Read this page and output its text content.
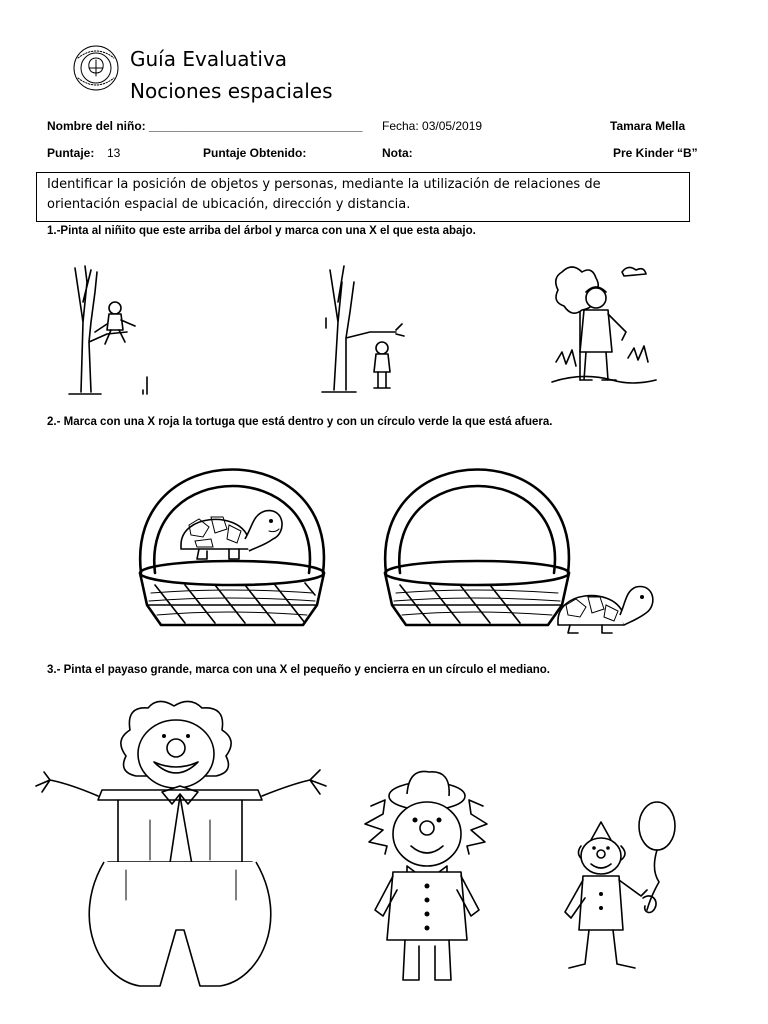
Guía Evaluativa
Nociones espaciales
Nombre del niño: ________________________________ Fecha: 03/05/2019	Tamara Mella
Puntaje: 13	Puntaje Obtenido:	Nota:	Pre Kinder “B”
Identificar la posición de objetos y personas, mediante la utilización de relaciones de
orientación espacial de ubicación, dirección y distancia.
1.-Pinta al niñito que este arriba del árbol y marca con una X el que esta abajo.
2.- Marca con una X roja la tortuga que está dentro y con un círculo verde la que está afuera.
3.- Pinta el payaso grande, marca con una X el pequeño y encierra en un círculo el mediano.
